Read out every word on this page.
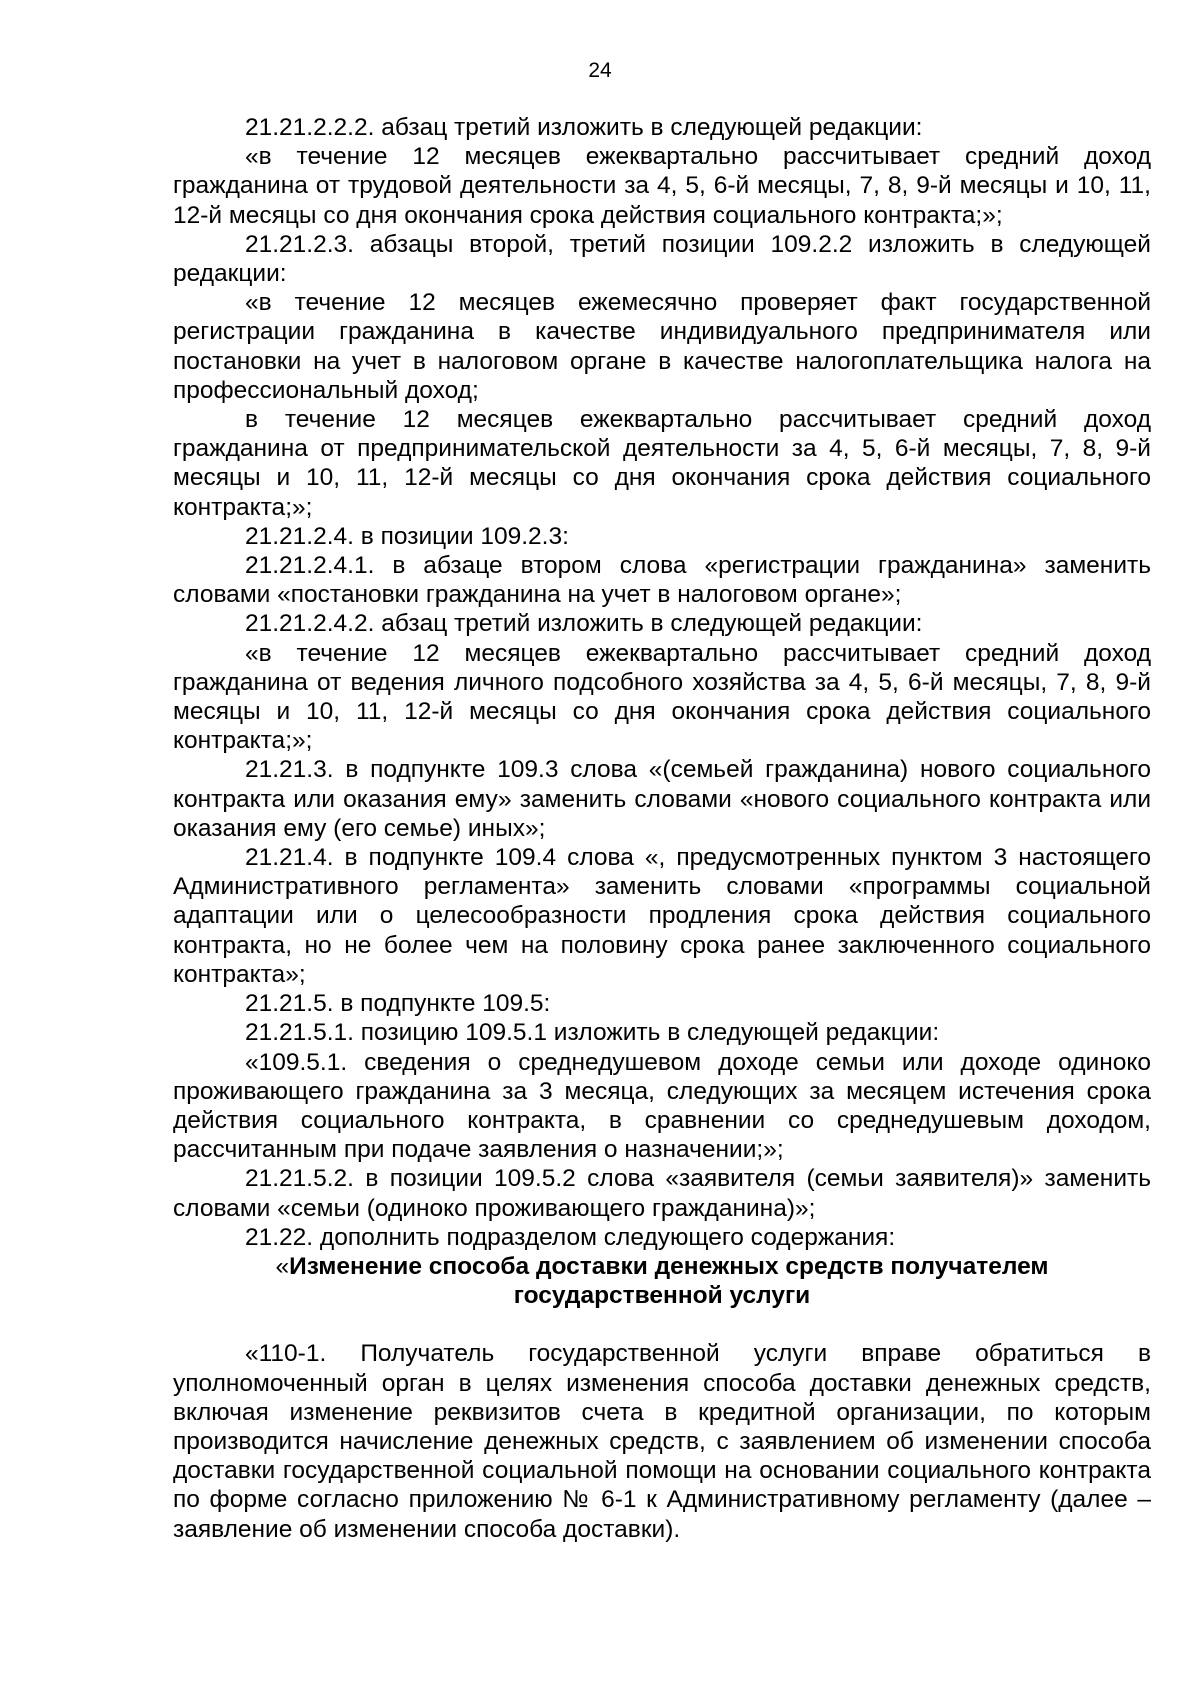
24

21.21.2.2.2. абзац третий изложить в следующей редакции:

«в течение 12 месяцев ежеквартально рассчитывает средний доход гражданина от трудовой деятельности за 4, 5, 6-й месяцы, 7, 8, 9-й месяцы и 10, 11, 12-й месяцы со дня окончания срока действия социального контракта;»;

21.21.2.3. абзацы второй, третий позиции 109.2.2 изложить в следующей редакции:

«в течение 12 месяцев ежемесячно проверяет факт государственной регистрации гражданина в качестве индивидуального предпринимателя или постановки на учет в налоговом органе в качестве налогоплательщика налога на профессиональный доход;

в течение 12 месяцев ежеквартально рассчитывает средний доход гражданина от предпринимательской деятельности за 4, 5, 6-й месяцы, 7, 8, 9-й месяцы и 10, 11, 12-й месяцы со дня окончания срока действия социального контракта;»;

21.21.2.4. в позиции 109.2.3:

21.21.2.4.1. в абзаце втором слова «регистрации гражданина» заменить словами «постановки гражданина на учет в налоговом органе»;

21.21.2.4.2. абзац третий изложить в следующей редакции:

«в течение 12 месяцев ежеквартально рассчитывает средний доход гражданина от ведения личного подсобного хозяйства за 4, 5, 6-й месяцы, 7, 8, 9-й месяцы и 10, 11, 12-й месяцы со дня окончания срока действия социального контракта;»;

21.21.3. в подпункте 109.3 слова «(семьей гражданина) нового социального контракта или оказания ему» заменить словами «нового социального контракта или оказания ему (его семье) иных»;

21.21.4. в подпункте 109.4 слова «, предусмотренных пунктом 3 настоящего Административного регламента» заменить словами «программы социальной адаптации или о целесообразности продления срока действия социального контракта, но не более чем на половину срока ранее заключенного социального контракта»;

21.21.5. в подпункте 109.5:

21.21.5.1. позицию 109.5.1 изложить в следующей редакции:

«109.5.1. сведения о среднедушевом доходе семьи или доходе одиноко проживающего гражданина за 3 месяца, следующих за месяцем истечения срока действия социального контракта, в сравнении со среднедушевым доходом, рассчитанным при подаче заявления о назначении;»;

21.21.5.2. в позиции 109.5.2 слова «заявителя (семьи заявителя)» заменить словами «семьи (одиноко проживающего гражданина)»;

21.22. дополнить подразделом следующего содержания:

«Изменение способа доставки денежных средств получателем
государственной услуги

«110-1. Получатель государственной услуги вправе обратиться в уполномоченный орган в целях изменения способа доставки денежных средств, включая изменение реквизитов счета в кредитной организации, по которым производится начисление денежных средств, с заявлением об изменении способа доставки государственной социальной помощи на основании социального контракта по форме согласно приложению № 6-1 к Административному регламенту (далее – заявление об изменении способа доставки).
